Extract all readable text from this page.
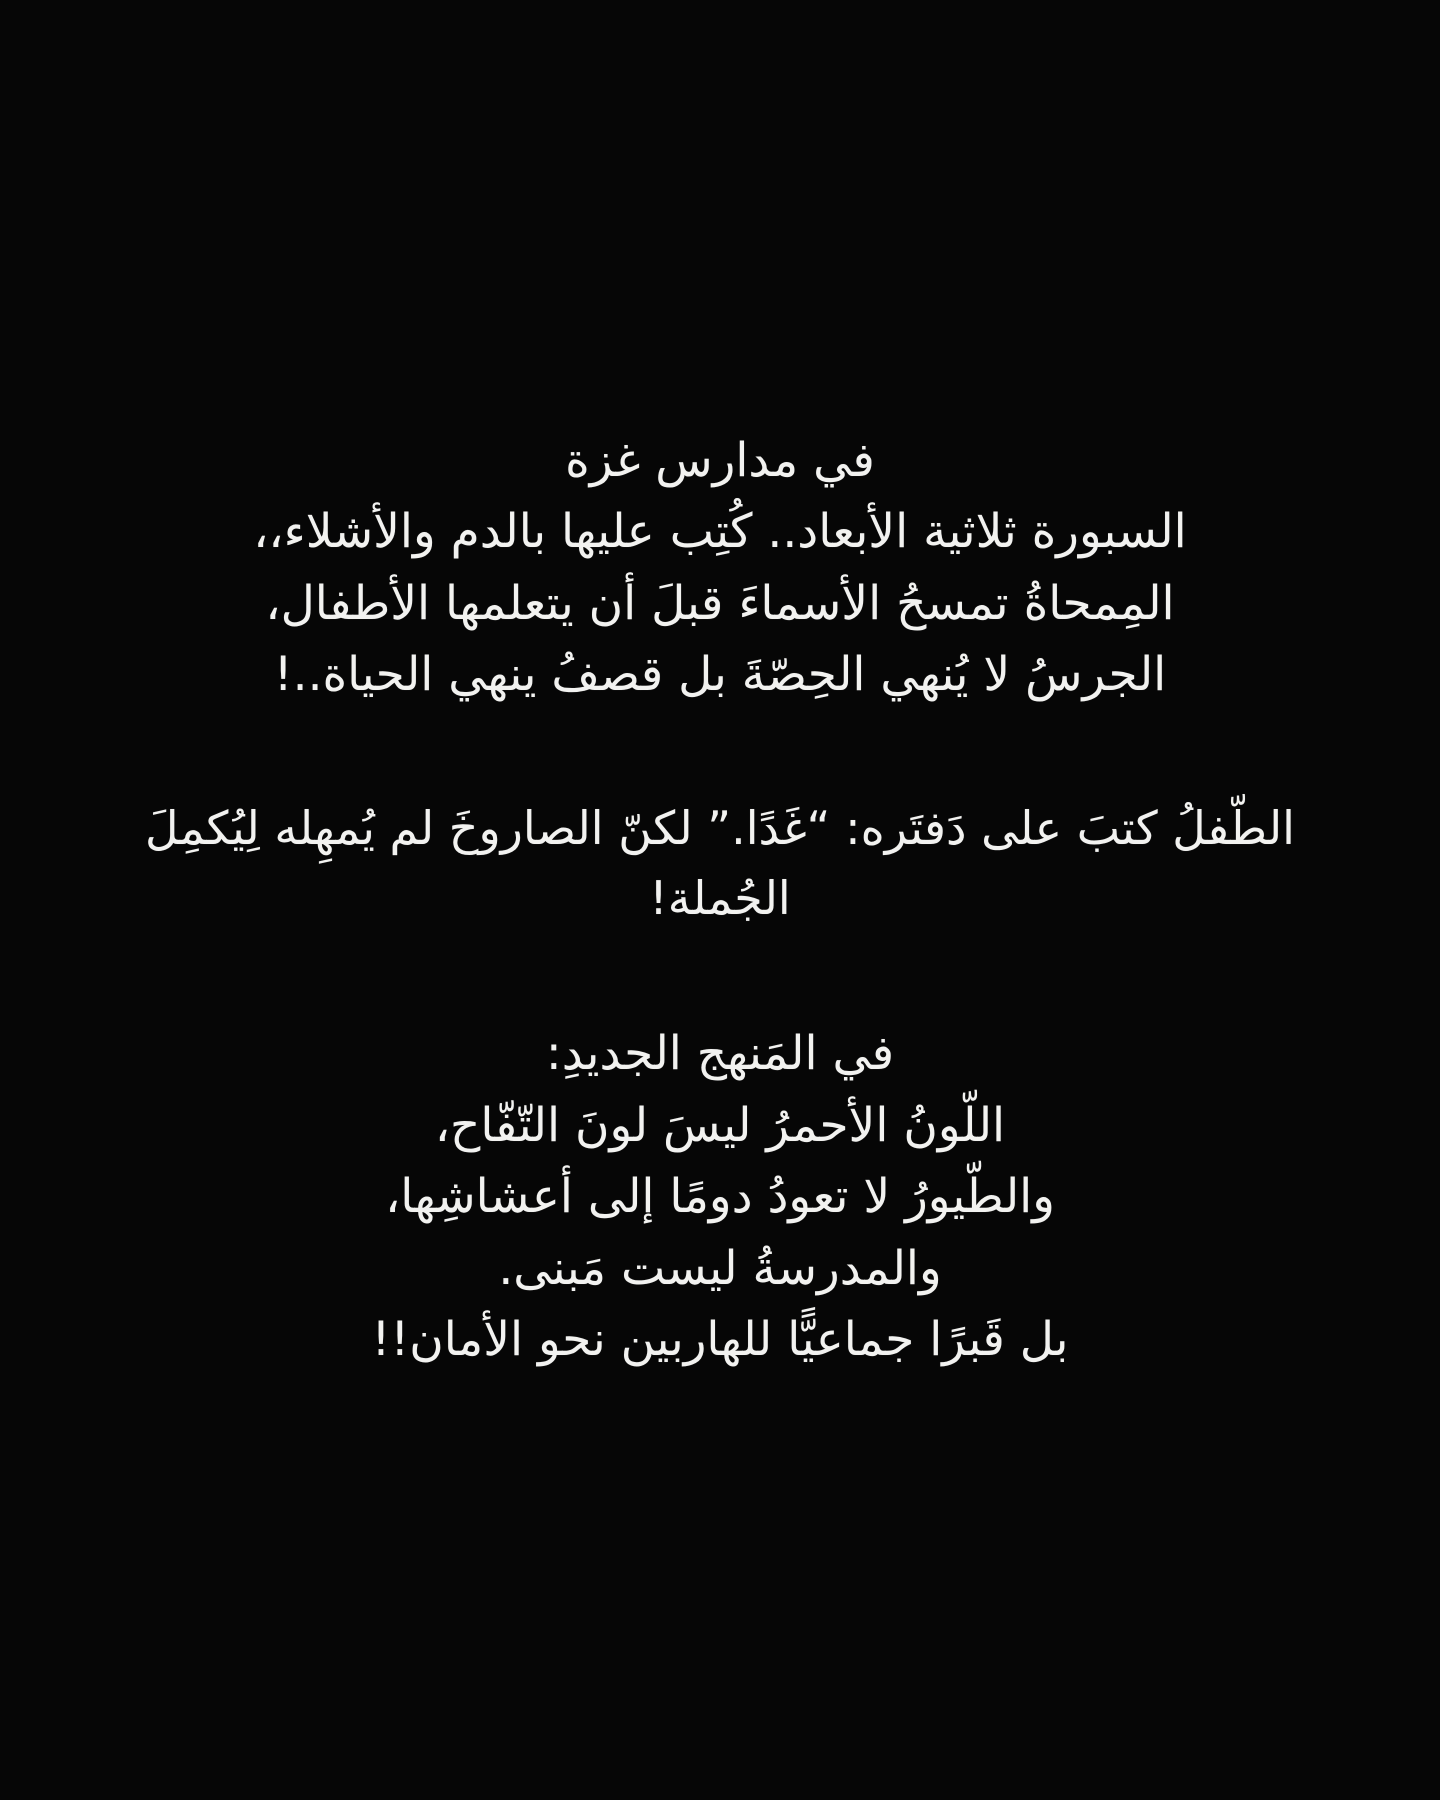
في مدارس غزة
السبورة ثلاثية الأبعاد.. كُتِب عليها بالدم والأشلاء،،
المِمحاةُ تمسحُ الأسماءَ قبلَ أن يتعلمها الأطفال،
الجرسُ لا يُنهي الحِصّةَ بل قصفُ ينهي الحياة..!

الطّفلُ كتبَ على دَفتَره: “غَدًا.” لكنّ الصاروخَ لم يُمهِله لِيُكمِلَ الجُملة!

في المَنهج الجديدِ:
اللّونُ الأحمرُ ليسَ لونَ التّفّاح،
والطّيورُ لا تعودُ دومًا إلى أعشاشِها،
والمدرسةُ ليست مَبنى.
بل قَبرًا جماعيًّا للهاربين نحو الأمان!!
